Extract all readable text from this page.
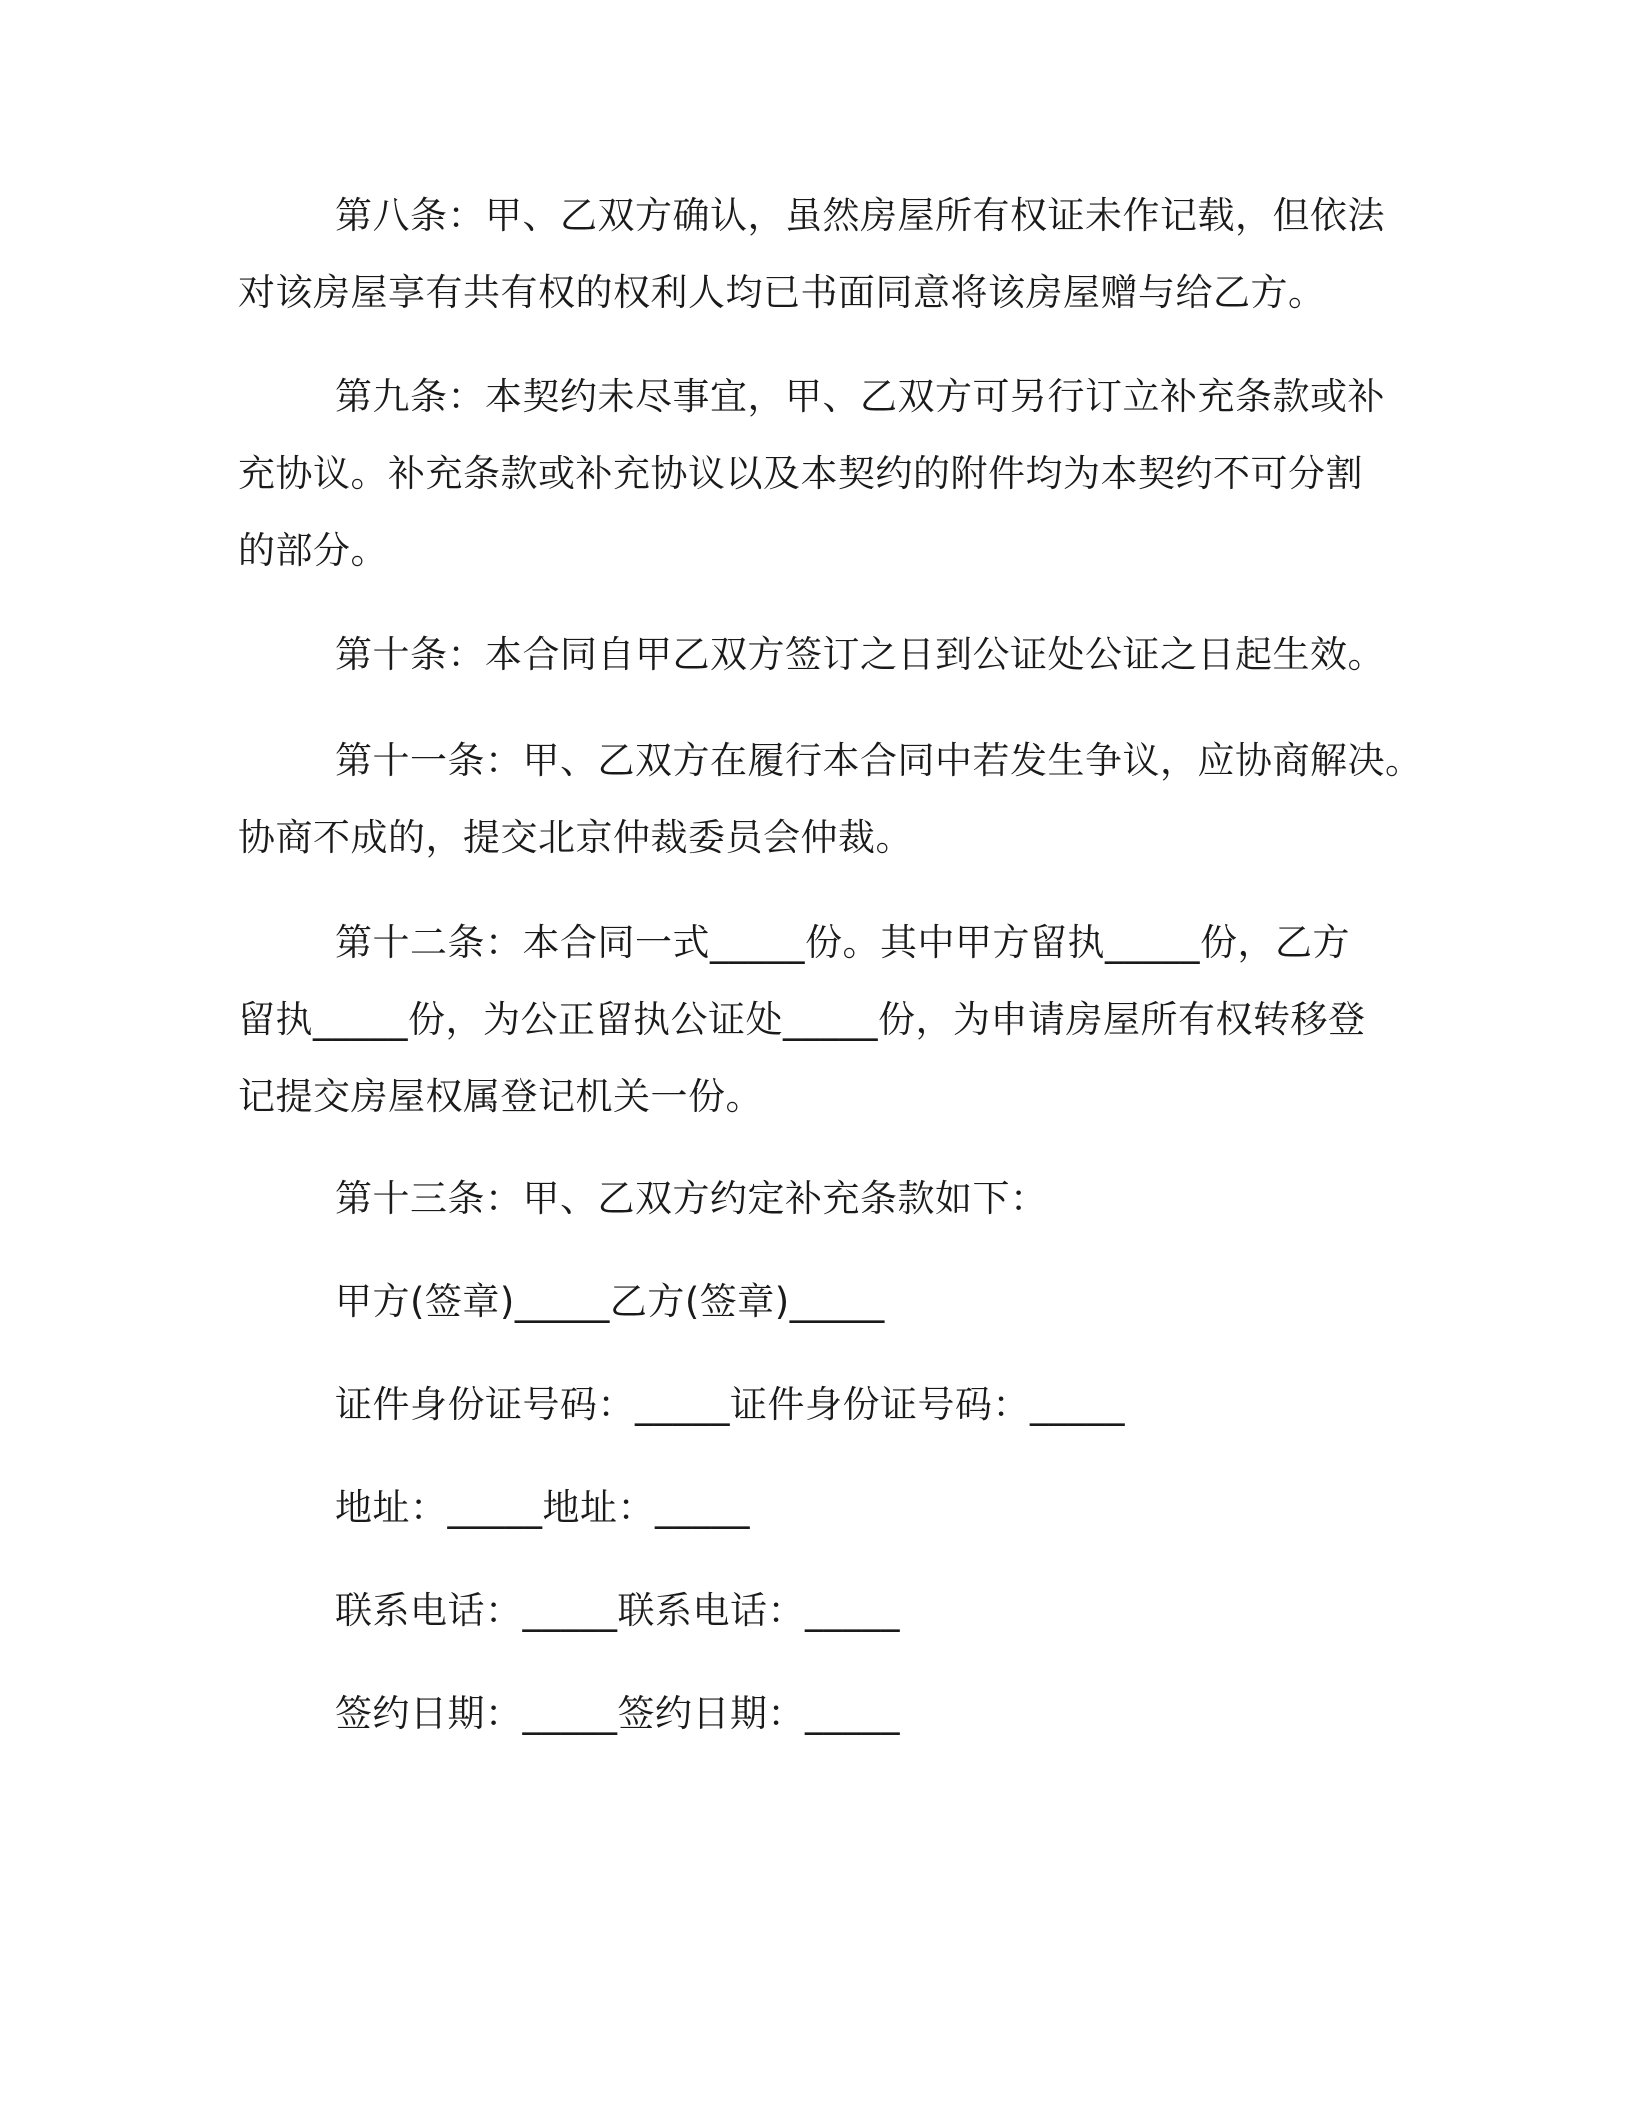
第八条：甲、乙双方确认，虽然房屋所有权证未作记载，但依法
对该房屋享有共有权的权利人均已书面同意将该房屋赠与给乙方。

第九条：本契约未尽事宜，甲、乙双方可另行订立补充条款或补
充协议。补充条款或补充协议以及本契约的附件均为本契约不可分割
的部分。

第十条：本合同自甲乙双方签订之日到公证处公证之日起生效。

第十一条：甲、乙双方在履行本合同中若发生争议，应协商解决。
协商不成的，提交北京仲裁委员会仲裁。

第十二条：本合同一式_____份。其中甲方留执_____份，乙方
留执_____份，为公正留执公证处_____份，为申请房屋所有权转移登
记提交房屋权属登记机关一份。

第十三条：甲、乙双方约定补充条款如下：

甲方(签章)_____乙方(签章)_____

证件身份证号码：_____证件身份证号码：_____

地址：_____地址：_____

联系电话：_____联系电话：_____

签约日期：_____签约日期：_____
